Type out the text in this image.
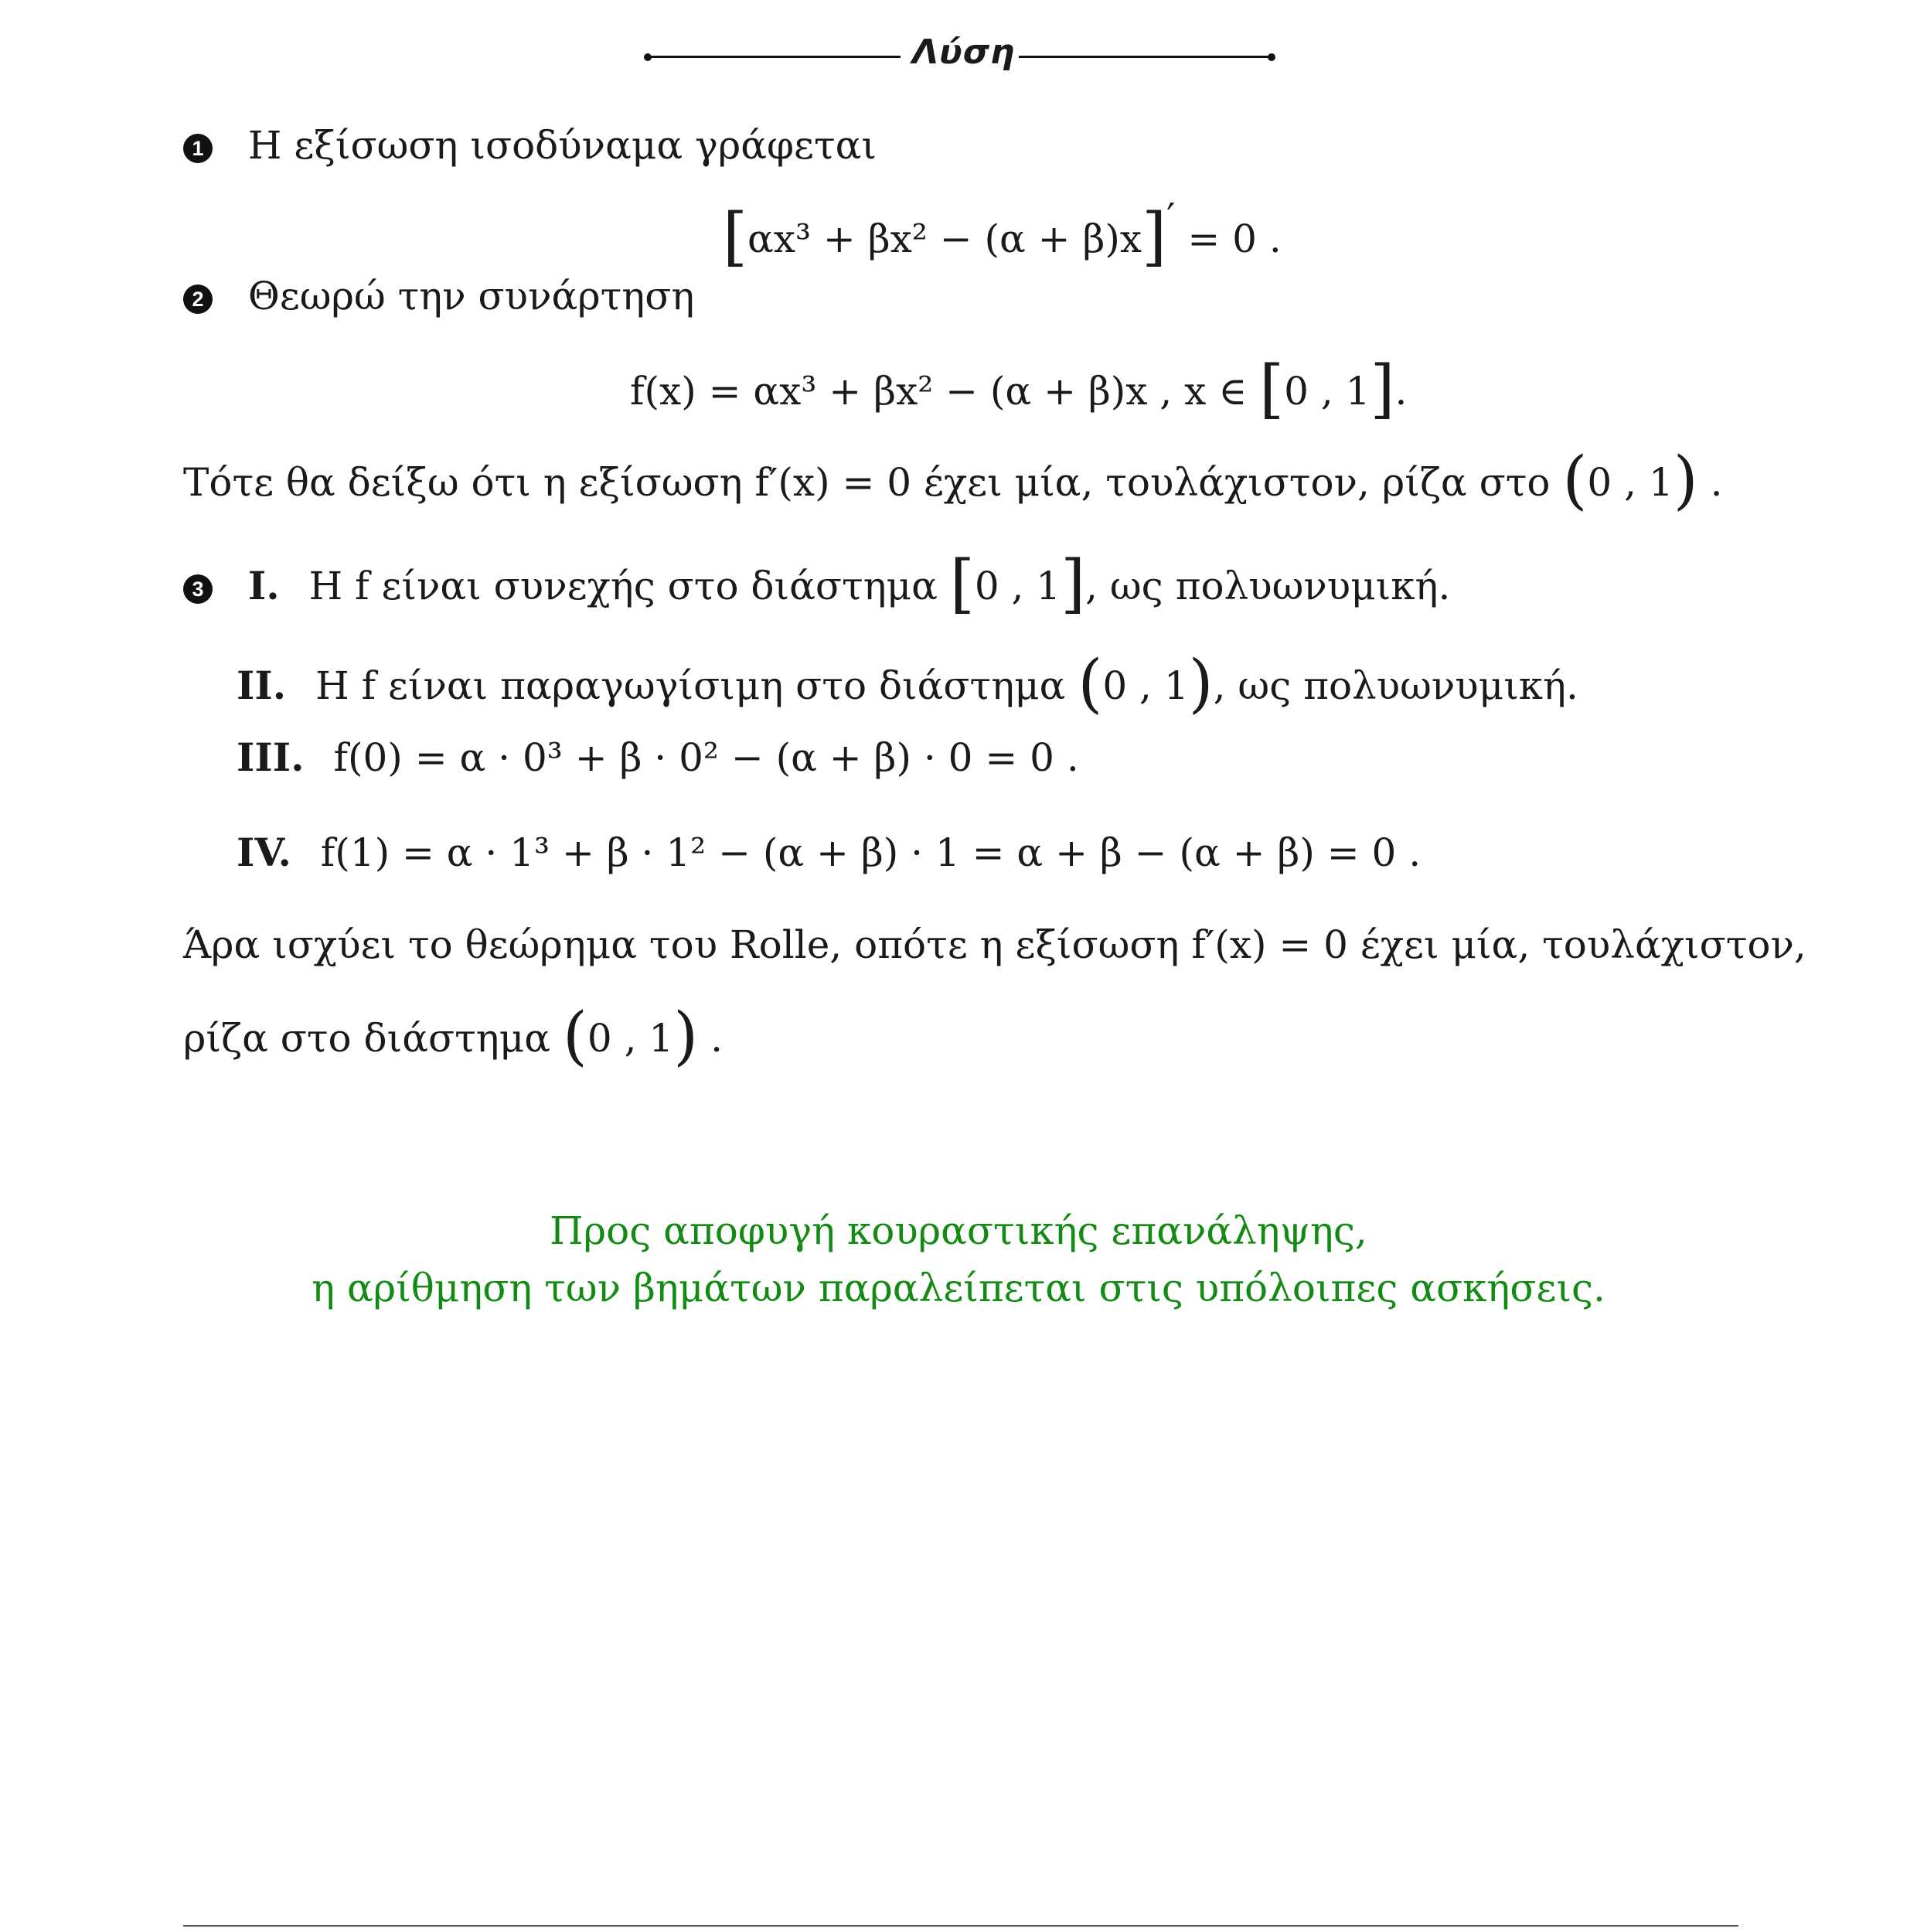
Λύση
1 Η εξίσωση ισοδύναμα γράφεται
[αx³ + βx² − (α + β)x]′ = 0 .
2 Θεωρώ την συνάρτηση
f(x) = αx³ + βx² − (α + β)x , x ∈ [0 , 1].
Τότε θα δείξω ότι η εξίσωση f′(x) = 0 έχει μία, τουλάχιστον, ρίζα στο (0 , 1) .
3 I. Η f είναι συνεχής στο διάστημα [0 , 1], ως πολυωνυμική.
II. Η f είναι παραγωγίσιμη στο διάστημα (0 , 1), ως πολυωνυμική.
III. f(0) = α · 0³ + β · 0² − (α + β) · 0 = 0 .
IV. f(1) = α · 1³ + β · 1² − (α + β) · 1 = α + β − (α + β) = 0 .
Άρα ισχύει το θεώρημα του Rolle, οπότε η εξίσωση f′(x) = 0 έχει μία, τουλάχιστον,
ρίζα στο διάστημα (0 , 1) .
Προς αποφυγή κουραστικής επανάληψης,
η αρίθμηση των βημάτων παραλείπεται στις υπόλοιπες ασκήσεις.
